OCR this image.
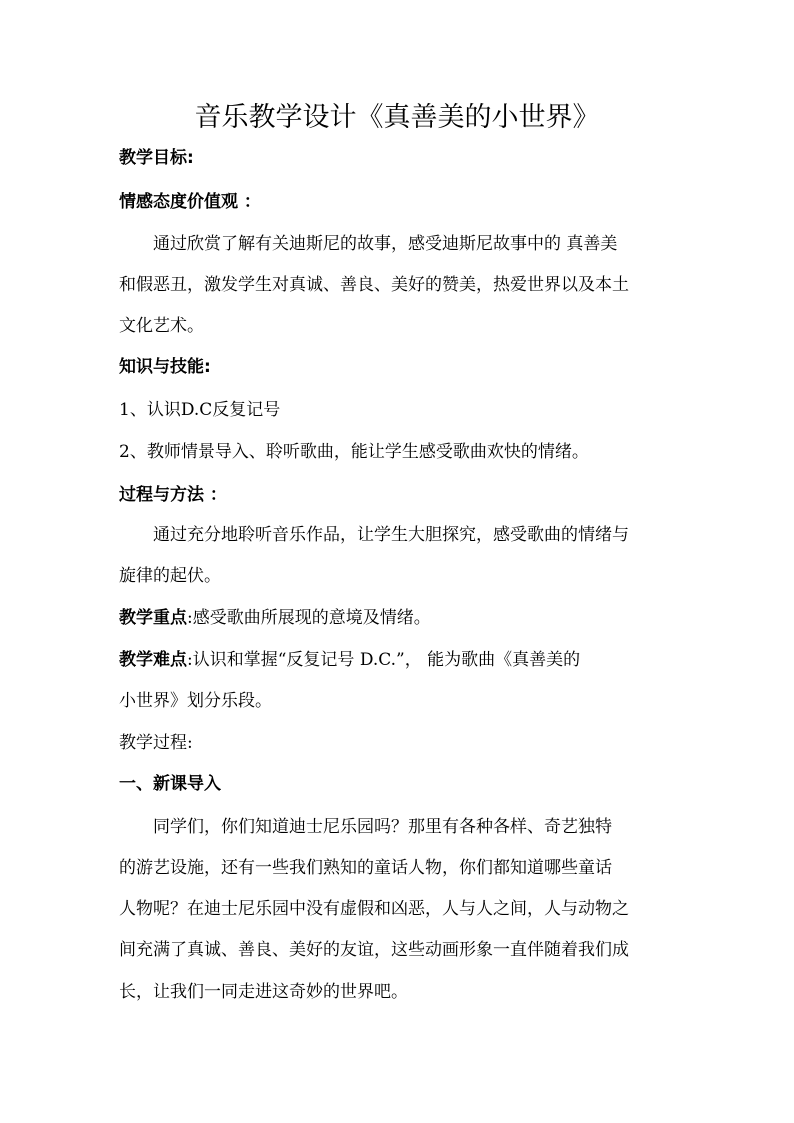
音乐教学设计《真善美的小世界》
教学目标:
情感态度价值观 ：
通过欣赏了解有关迪斯尼的故事，感受迪斯尼故事中的 真善美
和假恶丑，激发学生对真诚、善良、美好的赞美，热爱世界以及本土
文化艺术。
知识与技能:
1、认识D.C反复记号
2、教师情景导入、聆听歌曲，能让学生感受歌曲欢快的情绪。
过程与方法 ：
通过充分地聆听音乐作品，让学生大胆探究，感受歌曲的情绪与
旋律的起伏。
教学重点:感受歌曲所展现的意境及情绪。
教学难点:认识和掌握“反复记号 D.C.”， 能为歌曲《真善美的
小世界》划分乐段。
教学过程:
一、新课导入
同学们，你们知道迪士尼乐园吗？那里有各种各样、奇艺独特
的游艺设施，还有一些我们熟知的童话人物，你们都知道哪些童话
人物呢？在迪士尼乐园中没有虚假和凶恶，人与人之间，人与动物之
间充满了真诚、善良、美好的友谊，这些动画形象一直伴随着我们成
长，让我们一同走进这奇妙的世界吧。
